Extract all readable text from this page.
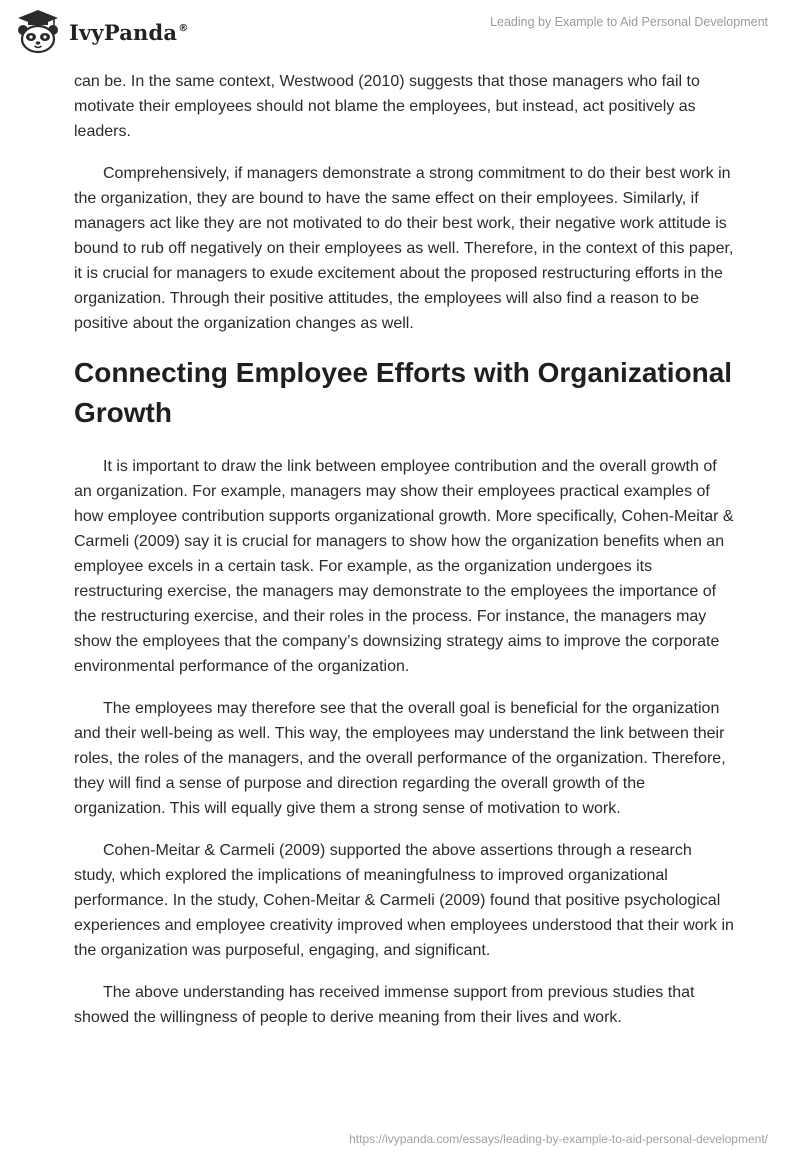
IvyPanda®	Leading by Example to Aid Personal Development

can be. In the same context, Westwood (2010) suggests that those managers who fail to motivate their employees should not blame the employees, but instead, act positively as leaders.

Comprehensively, if managers demonstrate a strong commitment to do their best work in the organization, they are bound to have the same effect on their employees. Similarly, if managers act like they are not motivated to do their best work, their negative work attitude is bound to rub off negatively on their employees as well. Therefore, in the context of this paper, it is crucial for managers to exude excitement about the proposed restructuring efforts in the organization. Through their positive attitudes, the employees will also find a reason to be positive about the organization changes as well.

Connecting Employee Efforts with Organizational Growth

It is important to draw the link between employee contribution and the overall growth of an organization. For example, managers may show their employees practical examples of how employee contribution supports organizational growth. More specifically, Cohen-Meitar & Carmeli (2009) say it is crucial for managers to show how the organization benefits when an employee excels in a certain task. For example, as the organization undergoes its restructuring exercise, the managers may demonstrate to the employees the importance of the restructuring exercise, and their roles in the process. For instance, the managers may show the employees that the company’s downsizing strategy aims to improve the corporate environmental performance of the organization.

The employees may therefore see that the overall goal is beneficial for the organization and their well-being as well. This way, the employees may understand the link between their roles, the roles of the managers, and the overall performance of the organization. Therefore, they will find a sense of purpose and direction regarding the overall growth of the organization. This will equally give them a strong sense of motivation to work.

Cohen-Meitar & Carmeli (2009) supported the above assertions through a research study, which explored the implications of meaningfulness to improved organizational performance. In the study, Cohen-Meitar & Carmeli (2009) found that positive psychological experiences and employee creativity improved when employees understood that their work in the organization was purposeful, engaging, and significant.

The above understanding has received immense support from previous studies that showed the willingness of people to derive meaning from their lives and work.

https://ivypanda.com/essays/leading-by-example-to-aid-personal-development/
